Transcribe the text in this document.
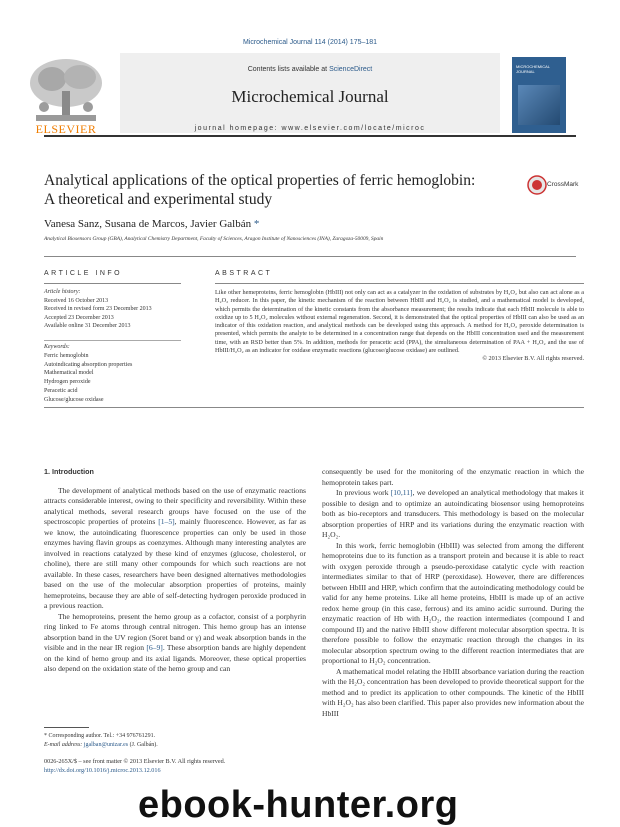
Microchemical Journal 114 (2014) 175–181
ELSEVIER
Contents lists available at ScienceDirect
Microchemical Journal
journal homepage: www.elsevier.com/locate/microc
MICROCHEMICAL JOURNAL
Analytical applications of the optical properties of ferric hemoglobin:
A theoretical and experimental study
CrossMark
Vanesa Sanz, Susana de Marcos, Javier Galbán *
Analytical Biosensors Group (GBA), Analytical Chemistry Department, Faculty of Sciences, Aragon Institute of Nanosciences (INA), Zaragoza-50009, Spain
ARTICLE INFO
Article history:
Received 16 October 2013
Received in revised form 23 December 2013
Accepted 23 December 2013
Available online 31 December 2013
Keywords:
Ferric hemoglobin
Autoindicating absorption properties
Mathematical model
Hydrogen peroxide
Peracetic acid
Glucose/glucose oxidase
ABSTRACT
Like other hemeproteins, ferric hemoglobin (HbIII) not only can act as a catalyzer in the oxidation of substrates by H₂O₂ but also can act alone as a H₂O₂ reducer. In this paper, the kinetic mechanism of the reaction between HbIII and H₂O₂ is studied, and a mathematical model is developed, which permits the determination of the kinetic constants from the absorbance measurement; the results indicate that each HbIII molecule is able to oxidize up to 5 H₂O₂ molecules without external regeneration. Second, it is demonstrated that the optical properties of HbIII can also be used as an indicator of this oxidation reaction, and analytical methods can be developed using this approach. A method for H₂O₂ peroxide determination is presented, which permits the analyte to be determined in a concentration range that depends on the HbIII concentration used and the measurement time, with an RSD better than 5%. In addition, methods for peracetic acid (PPA), the simultaneous determination of PAA + H₂O₂ and the use of HbIII/H₂O₂ as an indicator for oxidase enzymatic reactions (glucose/glucose oxidase) are outlined.
© 2013 Elsevier B.V. All rights reserved.

1. Introduction

The development of analytical methods based on the use of enzymatic reactions attracts considerable interest, owing to their specificity and reversibility. Within these analytical methods, several research groups have focused on the use of the spectroscopic properties of proteins [1–5], mainly fluorescence. However, as far as we know, the autoindicating fluorescence properties can only be used in those enzymes having flavin groups as coenzymes. Although many interesting analytes are involved in reactions catalyzed by these kind of enzymes (glucose, cholesterol, or choline), there are still many other compounds for which such reactions are not available. In these cases, researchers have been designed alternatives methodologies based on the use of the molecular absorption properties of proteins, mainly hemeproteins, because they are able of self-detecting hydrogen peroxide produced in a previous reaction.

The hemoproteins, present the hemo group as a cofactor, consist of a porphyrin ring linked to Fe atoms through central nitrogen. This hemo group has an intense absorption band in the UV region (Soret band or γ) and weak absorption bands in the visible and in the near IR region [6–9]. These absorption bands are highly dependent on the kind of hemo group and its axial ligands. Moreover, these optical properties also depend on the oxidation state of the hemo group and can

consequently be used for the monitoring of the enzymatic reaction in which the hemoprotein takes part.

In previous work [10,11], we developed an analytical methodology that makes it possible to design and to optimize an autoindicating biosensor using hemoproteins both as bio-receptors and transducers. This methodology is based on the molecular absorption properties of HRP and its variations during the enzymatic reaction with H₂O₂.

In this work, ferric hemoglobin (HbIII) was selected from among the different hemoproteins due to its function as a transport protein and because it is able to react with oxygen peroxide through a pseudo-peroxidase catalytic cycle with reaction intermediates similar to that of HRP (peroxidase). However, there are differences between HbIII and HRP, which confirm that the autoindicating methodology could be valid for any heme proteins. Like all heme proteins, HbIII is made up of an active redox heme group (in this case, ferrous) and its amino acidic surround. During the enzymatic reaction of Hb with H₂O₂, the reaction intermediates (compound I and compound II) and the native HbIII show different molecular absorption spectra. It is therefore possible to follow the enzymatic reaction through the changes in its molecular absorption spectrum owing to the different reaction intermediates that are proportional to H₂O₂ concentration.

A mathematical model relating the HbIII absorbance variation during the reaction with the H₂O₂ concentration has been developed to provide theoretical support for the method and to predict its application to other compounds. The kinetic of the HbIII with H₂O₂ has also been clarified. This paper also provides new information about the HbIII

* Corresponding author. Tel.: +34 976761291.
E-mail address: jgalban@unizar.es (J. Galbán).
0026-265X/$ – see front matter © 2013 Elsevier B.V. All rights reserved.
http://dx.doi.org/10.1016/j.microc.2013.12.016
ebook-hunter.org
